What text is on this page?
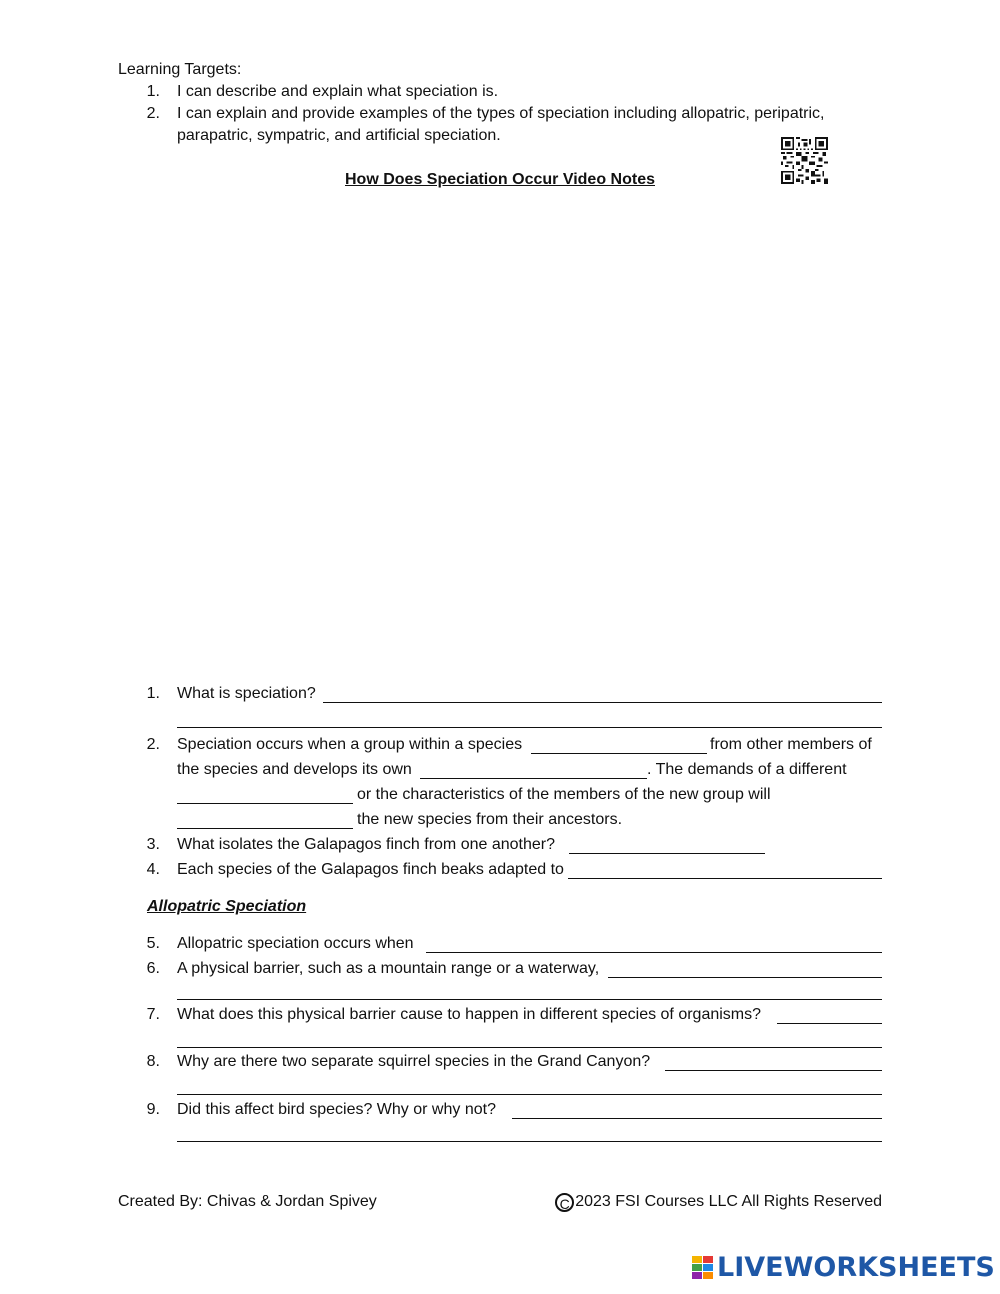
Learning Targets:
1. I can describe and explain what speciation is.
2. I can explain and provide examples of the types of speciation including allopatric, peripatric,
parapatric, sympatric, and artificial speciation.
How Does Speciation Occur Video Notes
1. What is speciation?
2. Speciation occurs when a group within a species	from other members of
the species and develops its own	. The demands of a different
or the characteristics of the members of the new group will
the new species from their ancestors.
3. What isolates the Galapagos finch from one another?
4. Each species of the Galapagos finch beaks adapted to
Allopatric Speciation
5. Allopatric speciation occurs when
6. A physical barrier, such as a mountain range or a waterway,
7. What does this physical barrier cause to happen in different species of organisms?
8. Why are there two separate squirrel species in the Grand Canyon?
9. Did this affect bird species? Why or why not?
Created By: Chivas & Jordan Spivey	C 2023 FSI Courses LLC All Rights Reserved
LIVEWORKSHEETS
